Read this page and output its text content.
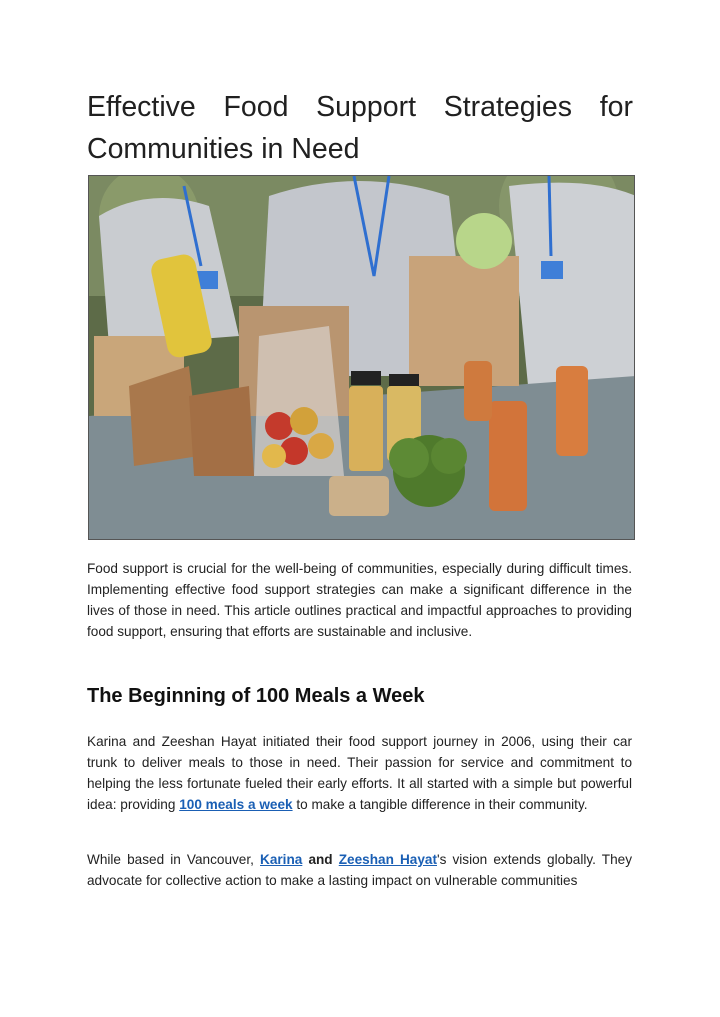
Effective Food Support Strategies for Communities in Need

Food support is crucial for the well-being of communities, especially during difficult times. Implementing effective food support strategies can make a significant difference in the lives of those in need. This article outlines practical and impactful approaches to providing food support, ensuring that efforts are sustainable and inclusive.

The Beginning of 100 Meals a Week

Karina and Zeeshan Hayat initiated their food support journey in 2006, using their car trunk to deliver meals to those in need. Their passion for service and commitment to helping the less fortunate fueled their early efforts. It all started with a simple but powerful idea: providing 100 meals a week to make a tangible difference in their community.

While based in Vancouver, Karina and Zeeshan Hayat's vision extends globally. They advocate for collective action to make a lasting impact on vulnerable communities
